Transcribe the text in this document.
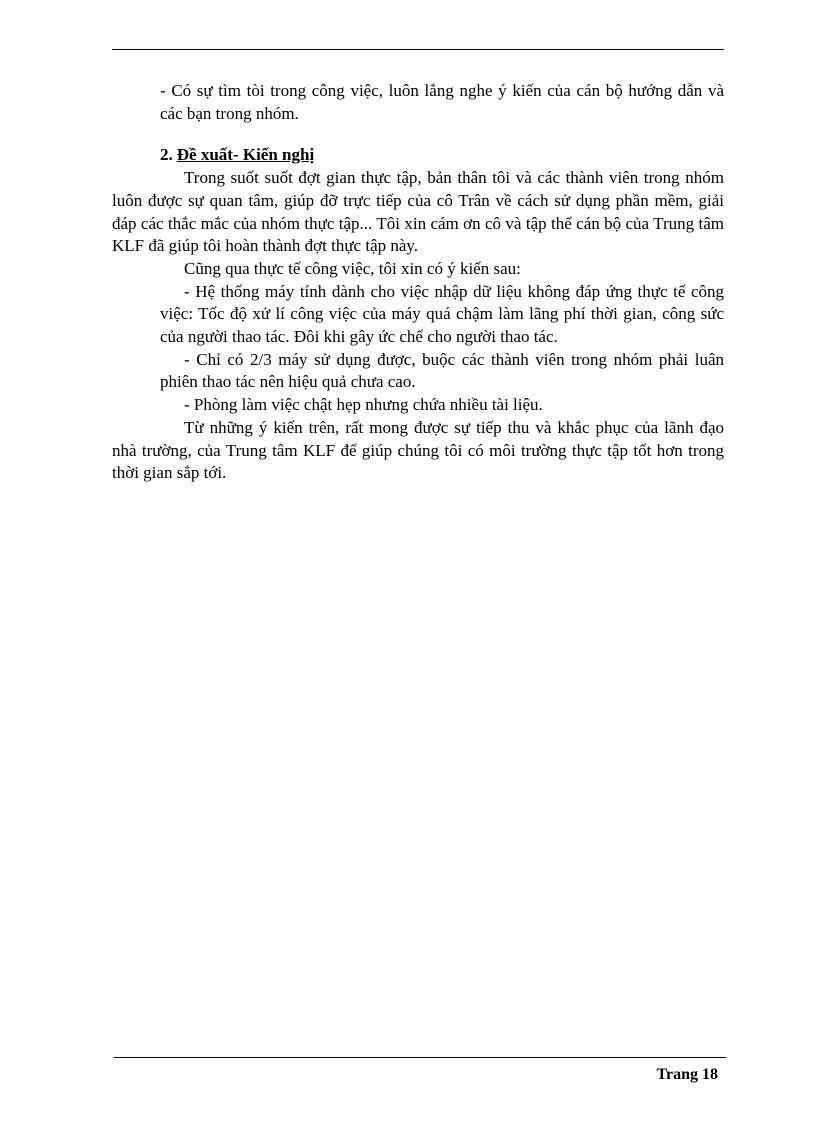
- Có sự tìm tòi trong công việc, luôn lắng nghe ý kiến của cán bộ hướng dẫn và các bạn trong nhóm.

2. Đề xuất- Kiến nghị

Trong suốt suốt đợt gian thực tập, bản thân tôi và các thành viên trong nhóm luôn được sự quan tâm, giúp đỡ trực tiếp của cô Trân về cách sử dụng phần mềm, giải đáp các thắc mắc của nhóm thực tập... Tôi xin cám ơn cô và tập thể cán bộ của Trung tâm KLF đã giúp tôi hoàn thành đợt thực tập này.

Cũng qua thực tế công việc, tôi xin có ý kiến sau:

- Hệ thống máy tính dành cho việc nhập dữ liệu không đáp ứng thực tế công việc: Tốc độ xử lí công việc của máy quá chậm làm lãng phí thời gian, công sức của người thao tác. Đôi khi gây ức chế cho người thao tác.

- Chỉ có 2/3 máy sử dụng được, buộc các thành viên trong nhóm phải luân phiên thao tác nên hiệu quả chưa cao.

- Phòng làm việc chật hẹp nhưng chứa nhiều tài liệu.

Từ những ý kiến trên, rất mong được sự tiếp thu và khắc phục của lãnh đạo nhà trường, của Trung tâm KLF để giúp chúng tôi có môi trường thực tập tốt hơn trong thời gian sắp tới.

Trang 18
